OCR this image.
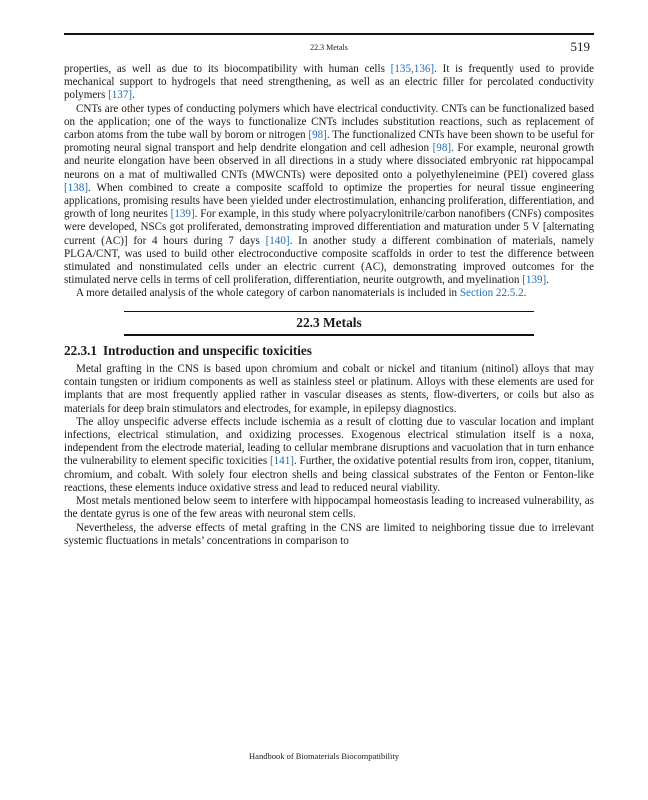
22.3 Metals	519

properties, as well as due to its biocompatibility with human cells [135,136]. It is frequently used to provide mechanical support to hydrogels that need strengthening, as well as an electric filler for percolated conductivity polymers [137].

CNTs are other types of conducting polymers which have electrical conductivity. CNTs can be functionalized based on the application; one of the ways to functionalize CNTs includes substitution reactions, such as replacement of carbon atoms from the tube wall by borom or nitrogen [98]. The functionalized CNTs have been shown to be useful for promoting neural signal transport and help dendrite elongation and cell adhesion [98]. For example, neuronal growth and neurite elongation have been observed in all directions in a study where dissociated embryonic rat hippocampal neurons on a mat of multiwalled CNTs (MWCNTs) were deposited onto a polyethyleneimine (PEI) covered glass [138]. When combined to create a composite scaffold to optimize the properties for neural tissue engineering applications, promising results have been yielded under electrostimulation, enhancing proliferation, differentiation, and growth of long neurites [139]. For example, in this study where polyacrylonitrile/carbon nanofibers (CNFs) composites were developed, NSCs got proliferated, demonstrating improved differentiation and maturation under 5 V [alternating current (AC)] for 4 hours during 7 days [140]. In another study a different combination of materials, namely PLGA/CNT, was used to build other electroconductive composite scaffolds in order to test the difference between stimulated and nonstimulated cells under an electric current (AC), demonstrating improved outcomes for the stimulated nerve cells in terms of cell proliferation, differentiation, neurite outgrowth, and myelination [139].

A more detailed analysis of the whole category of carbon nanomaterials is included in Section 22.5.2.

22.3 Metals
22.3.1 Introduction and unspecific toxicities

Metal grafting in the CNS is based upon chromium and cobalt or nickel and titanium (nitinol) alloys that may contain tungsten or iridium components as well as stainless steel or platinum. Alloys with these elements are used for implants that are most frequently applied rather in vascular diseases as stents, flow-diverters, or coils but also as materials for deep brain stimulators and electrodes, for example, in epilepsy diagnostics.

The alloy unspecific adverse effects include ischemia as a result of clotting due to vascular location and implant infections, electrical stimulation, and oxidizing processes. Exogenous electrical stimulation itself is a noxa, independent from the electrode material, leading to cellular membrane disruptions and vacuolation that in turn enhance the vulnerability to element specific toxicities [141]. Further, the oxidative potential results from iron, copper, titanium, chromium, and cobalt. With solely four electron shells and being classical substrates of the Fenton or Fenton-like reactions, these elements induce oxidative stress and lead to reduced neural viability.

Most metals mentioned below seem to interfere with hippocampal homeostasis leading to increased vulnerability, as the dentate gyrus is one of the few areas with neuronal stem cells.

Nevertheless, the adverse effects of metal grafting in the CNS are limited to neighboring tissue due to irrelevant systemic fluctuations in metals’ concentrations in comparison to

Handbook of Biomaterials Biocompatibility
